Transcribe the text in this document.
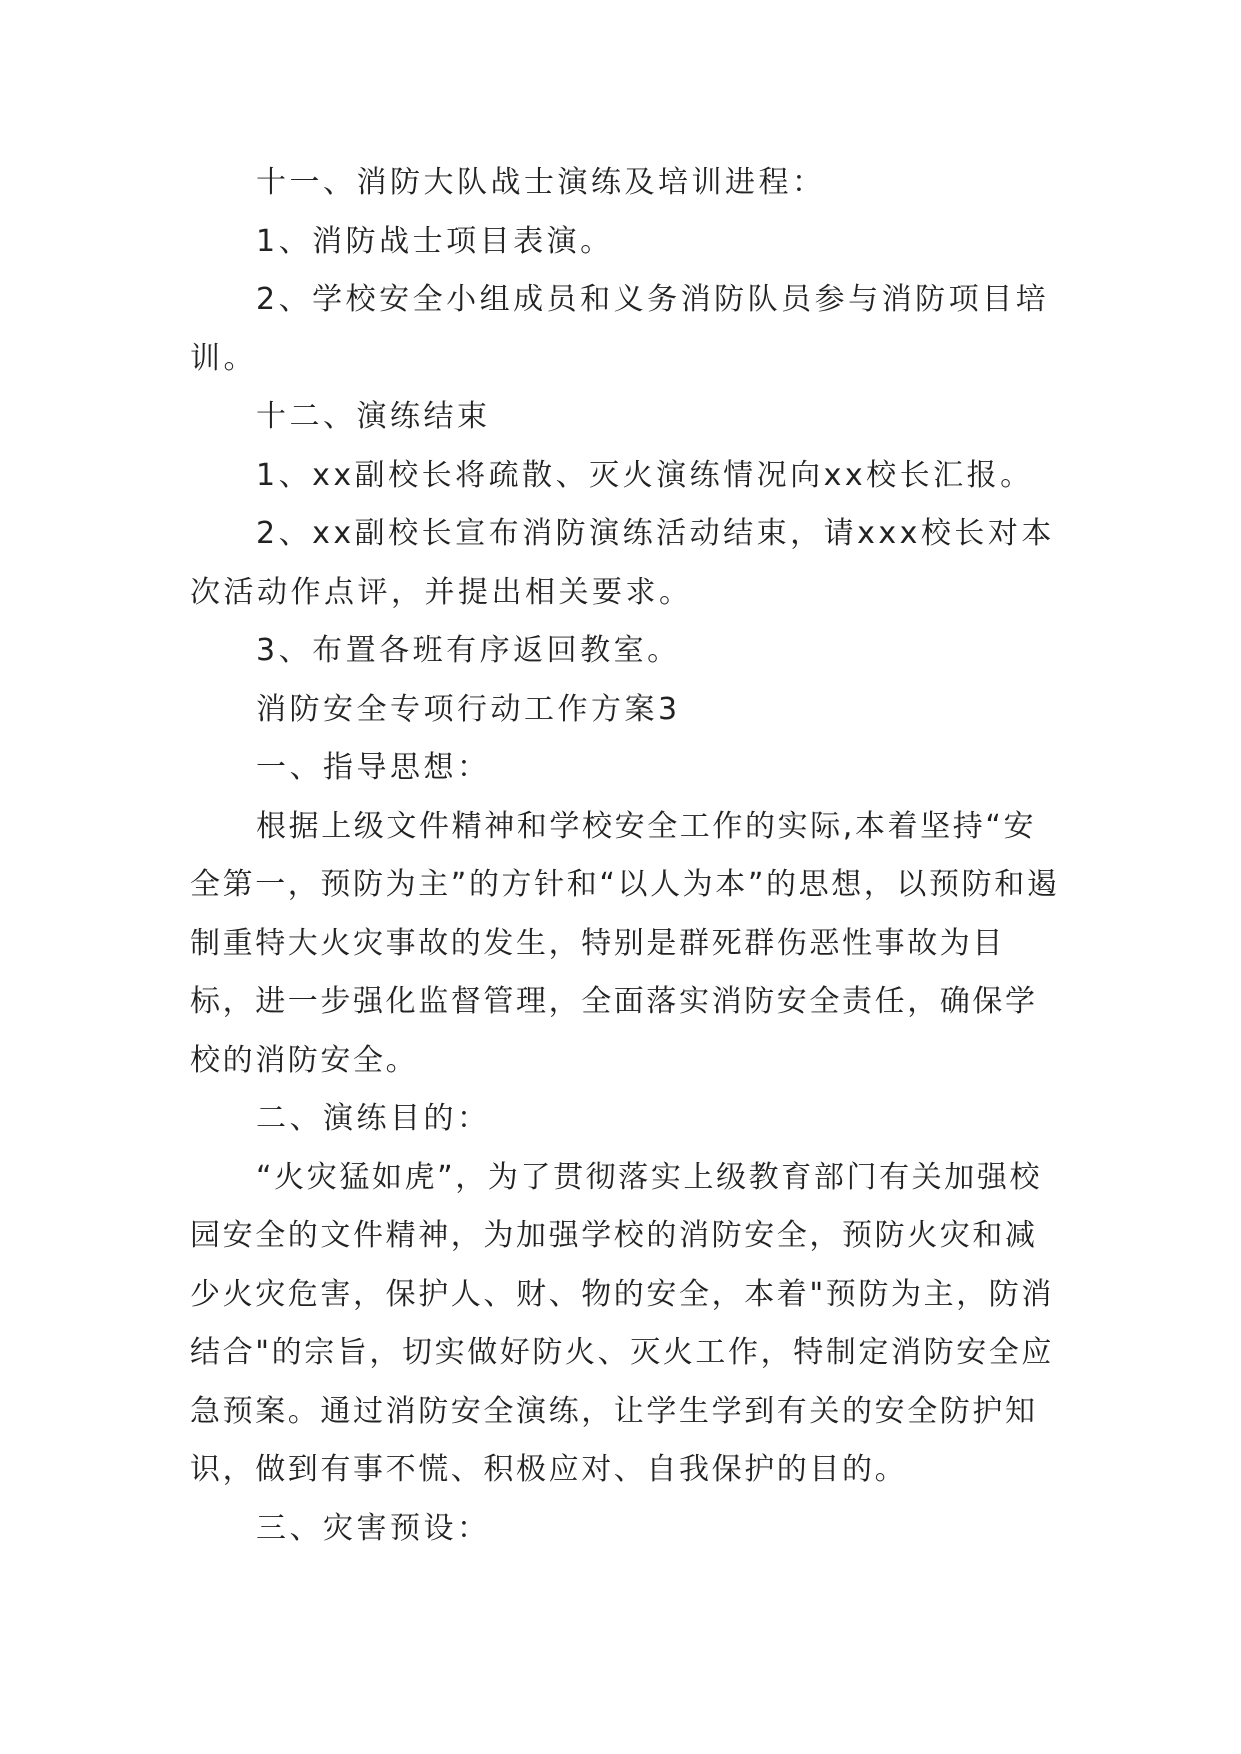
十一、消防大队战士演练及培训进程：

1、消防战士项目表演。

2、学校安全小组成员和义务消防队员参与消防项目培训。

十二、演练结束

1、xx副校长将疏散、灭火演练情况向xx校长汇报。

2、xx副校长宣布消防演练活动结束，请xxx校长对本次活动作点评，并提出相关要求。

3、布置各班有序返回教室。

消防安全专项行动工作方案3

一、指导思想：

根据上级文件精神和学校安全工作的实际,本着坚持“安全第一，预防为主”的方针和“以人为本”的思想，以预防和遏制重特大火灾事故的发生，特别是群死群伤恶性事故为目标，进一步强化监督管理，全面落实消防安全责任，确保学校的消防安全。

二、演练目的：

“火灾猛如虎”，为了贯彻落实上级教育部门有关加强校园安全的文件精神，为加强学校的消防安全，预防火灾和减少火灾危害，保护人、财、物的安全，本着"预防为主，防消结合"的宗旨，切实做好防火、灭火工作，特制定消防安全应急预案。通过消防安全演练，让学生学到有关的安全防护知识，做到有事不慌、积极应对、自我保护的目的。

三、灾害预设：
